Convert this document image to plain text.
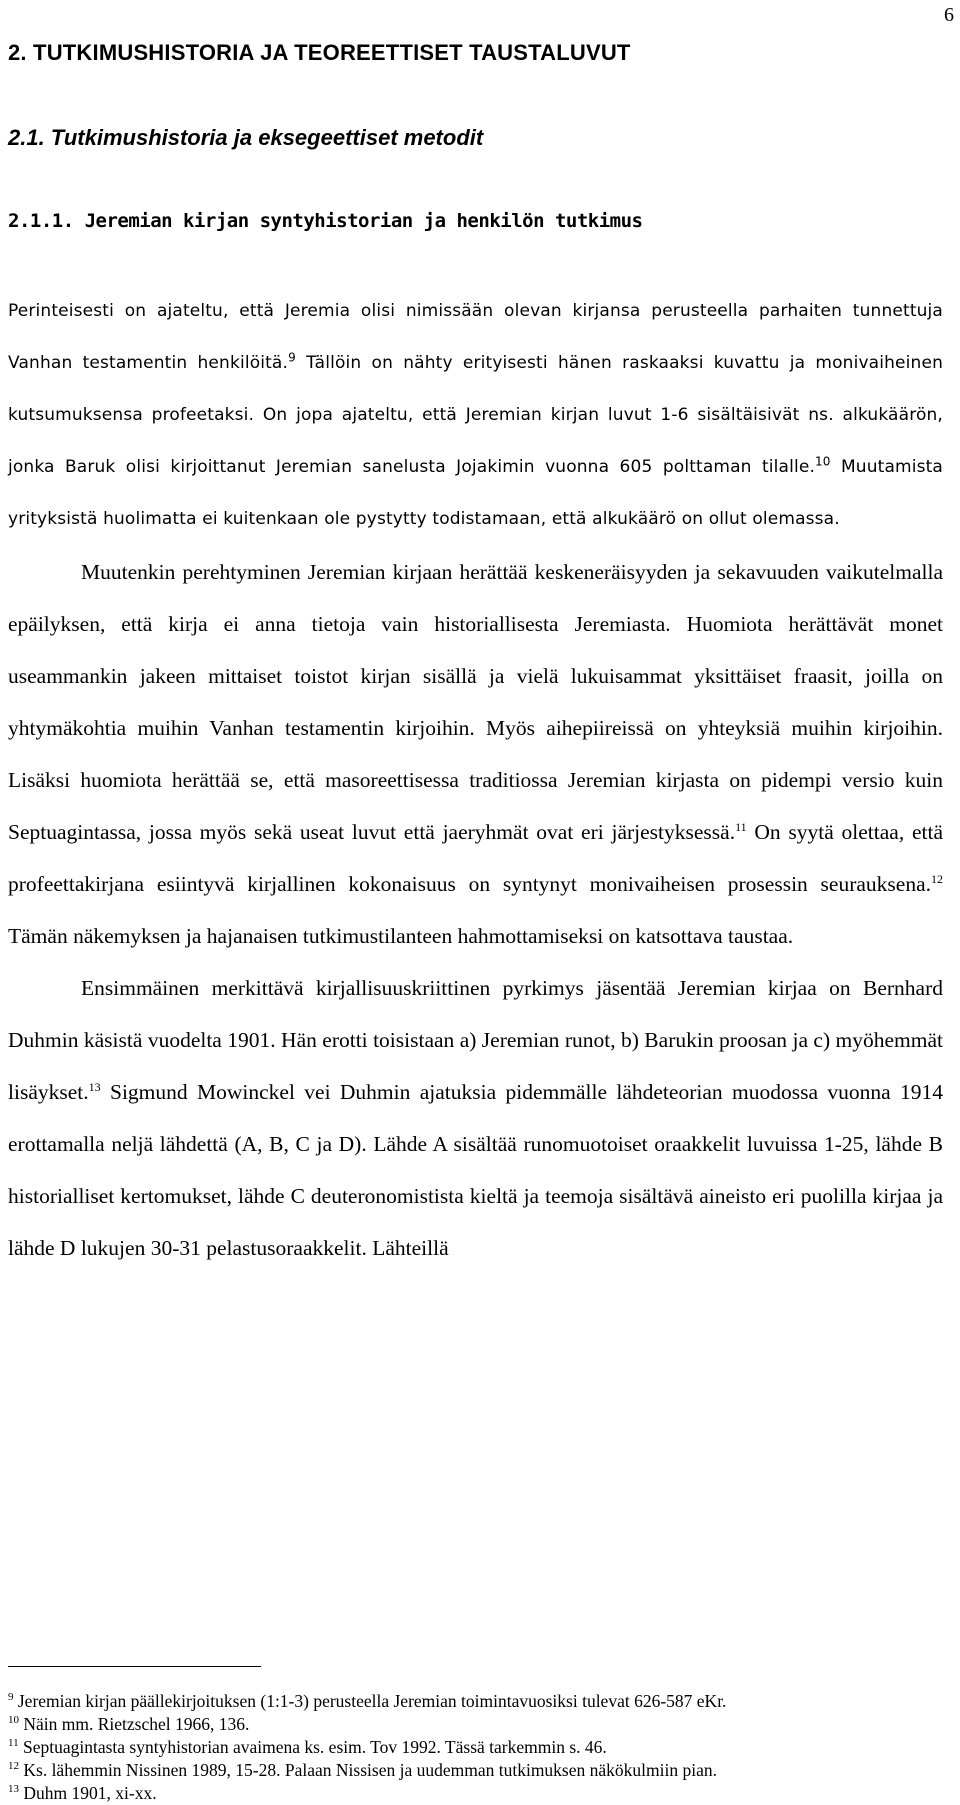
6
2. TUTKIMUSHISTORIA JA TEOREETTISET TAUSTALUVUT
2.1. Tutkimushistoria ja eksegeettiset metodit
2.1.1. Jeremian kirjan syntyhistorian ja henkilön tutkimus

Perinteisesti on ajateltu, että Jeremia olisi nimissään olevan kirjansa perusteella parhaiten tunnettuja Vanhan testamentin henkilöitä.$^9$ Tällöin on nähty erityisesti hänen raskaaksi kuvattu ja monivaiheinen kutsumuksensa profeetaksi. On jopa ajateltu, että Jeremian kirjan luvut 1-6 sisältäisivät ns. alkukäärön, jonka Baruk olisi kirjoittanut Jeremian sanelusta Jojakimin vuonna 605 polttaman tilalle.$^{10}$ Muutamista yrityksistä huolimatta ei kuitenkaan ole pystytty todistamaan, että alkukäärö on ollut olemassa.

Muutenkin perehtyminen Jeremian kirjaan herättää keskeneräisyyden ja sekavuuden vaikutelmalla epäilyksen, että kirja ei anna tietoja vain historiallisesta Jeremiasta. Huomiota herättävät monet useammankin jakeen mittaiset toistot kirjan sisällä ja vielä lukuisammat yksittäiset fraasit, joilla on yhtymäkohtia muihin Vanhan testamentin kirjoihin. Myös aihepiireissä on yhteyksiä muihin kirjoihin. Lisäksi huomiota herättää se, että masoreettisessa traditiossa Jeremian kirjasta on pidempi versio kuin Septuagintassa, jossa myös sekä useat luvut että jaeryhmät ovat eri järjestyksessä.$^{11}$ On syytä olettaa, että profeettakirjana esiintyvä kirjallinen kokonaisuus on syntynyt monivaiheisen prosessin seurauksena.$^{12}$ Tämän näkemyksen ja hajanaisen tutkimustilanteen hahmottamiseksi on katsottava taustaa.

Ensimmäinen merkittävä kirjallisuuskriittinen pyrkimys jäsentää Jeremian kirjaa on Bernhard Duhmin käsistä vuodelta 1901. Hän erotti toisistaan a) Jeremian runot, b) Barukin proosan ja c) myöhemmät lisäykset.$^{13}$ Sigmund Mowinckel vei Duhmin ajatuksia pidemmälle lähdeteorian muodossa vuonna 1914 erottamalla neljä lähdettä (A, B, C ja D). Lähde A sisältää runomuotoiset oraakkelit luvuissa 1-25, lähde B historialliset kertomukset, lähde C deuteronomistista kieltä ja teemoja sisältävä aineisto eri puolilla kirjaa ja lähde D lukujen 30-31 pelastusoraakkelit. Lähteillä

$^9$ Jeremian kirjan päällekirjoituksen (1:1-3) perusteella Jeremian toimintavuosiksi tulevat 626-587 eKr.

$^{10}$ Näin mm. Rietzschel 1966, 136.

$^{11}$ Septuagintasta syntyhistorian avaimena ks. esim. Tov 1992. Tässä tarkemmin s. 46.

$^{12}$ Ks. lähemmin Nissinen 1989, 15-28. Palaan Nissisen ja uudemman tutkimuksen näkökulmiin pian.

$^{13}$ Duhm 1901, xi-xx.
